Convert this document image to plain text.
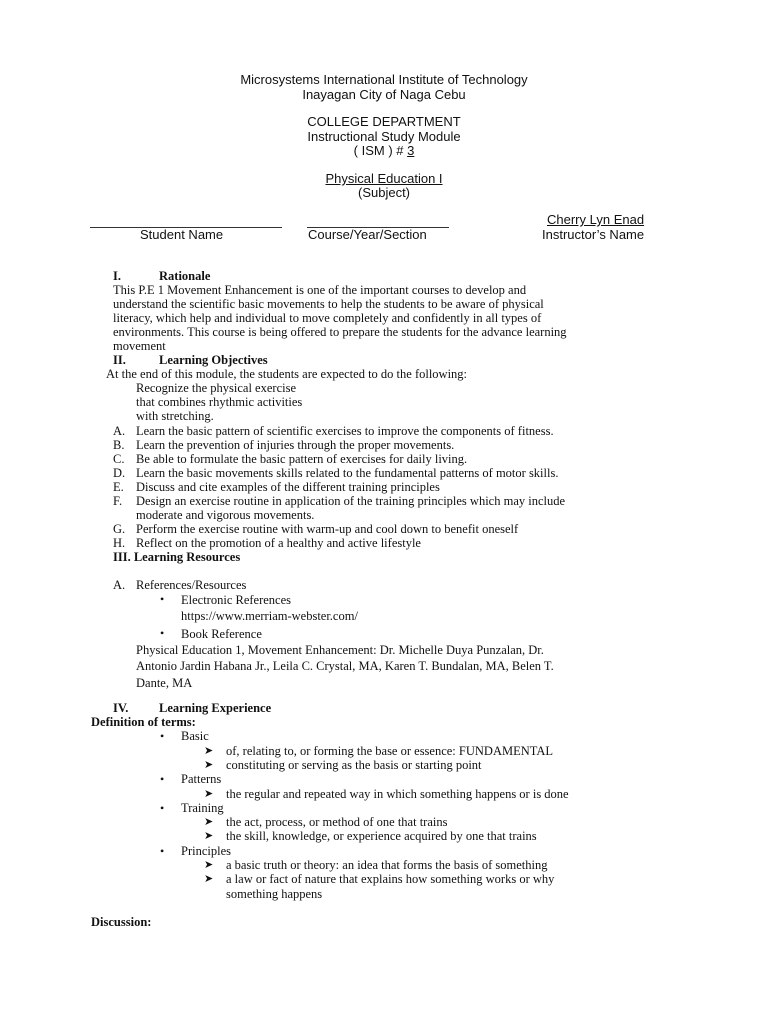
Microsystems International Institute of Technology
Inayagan City of Naga Cebu
COLLEGE DEPARTMENT
Instructional Study Module
( ISM ) # 3
Physical Education I
(Subject)
Cherry Lyn Enad
Student Name	Course/Year/Section	Instructor’s Name
I.	Rationale
This P.E 1 Movement Enhancement is one of the important courses to develop and
understand the scientific basic movements to help the students to be aware of physical
literacy, which help and individual to move completely and confidently in all types of
environments. This course is being offered to prepare the students for the advance learning
movement
II.	Learning Objectives
At the end of this module, the students are expected to do the following:
Recognize the physical exercise
that combines rhythmic activities
with stretching.
A. Learn the basic pattern of scientific exercises to improve the components of fitness.
B. Learn the prevention of injuries through the proper movements.
C. Be able to formulate the basic pattern of exercises for daily living.
D. Learn the basic movements skills related to the fundamental patterns of motor skills.
E. Discuss and cite examples of the different training principles
F. Design an exercise routine in application of the training principles which may include
moderate and vigorous movements.
G. Perform the exercise routine with warm-up and cool down to benefit oneself
H. Reflect on the promotion of a healthy and active lifestyle
III. Learning Resources
A. References/Resources
• Electronic References
https://www.merriam-webster.com/
• Book Reference
Physical Education 1, Movement Enhancement: Dr. Michelle Duya Punzalan, Dr.
Antonio Jardin Habana Jr., Leila C. Crystal, MA, Karen T. Bundalan, MA, Belen T.
Dante, MA
IV. Learning Experience
Definition of terms:
• Basic
➤ of, relating to, or forming the base or essence: FUNDAMENTAL
➤ constituting or serving as the basis or starting point
• Patterns
➤ the regular and repeated way in which something happens or is done
• Training
➤ the act, process, or method of one that trains
➤ the skill, knowledge, or experience acquired by one that trains
• Principles
➤ a basic truth or theory: an idea that forms the basis of something
➤ a law or fact of nature that explains how something works or why
something happens
Discussion:
